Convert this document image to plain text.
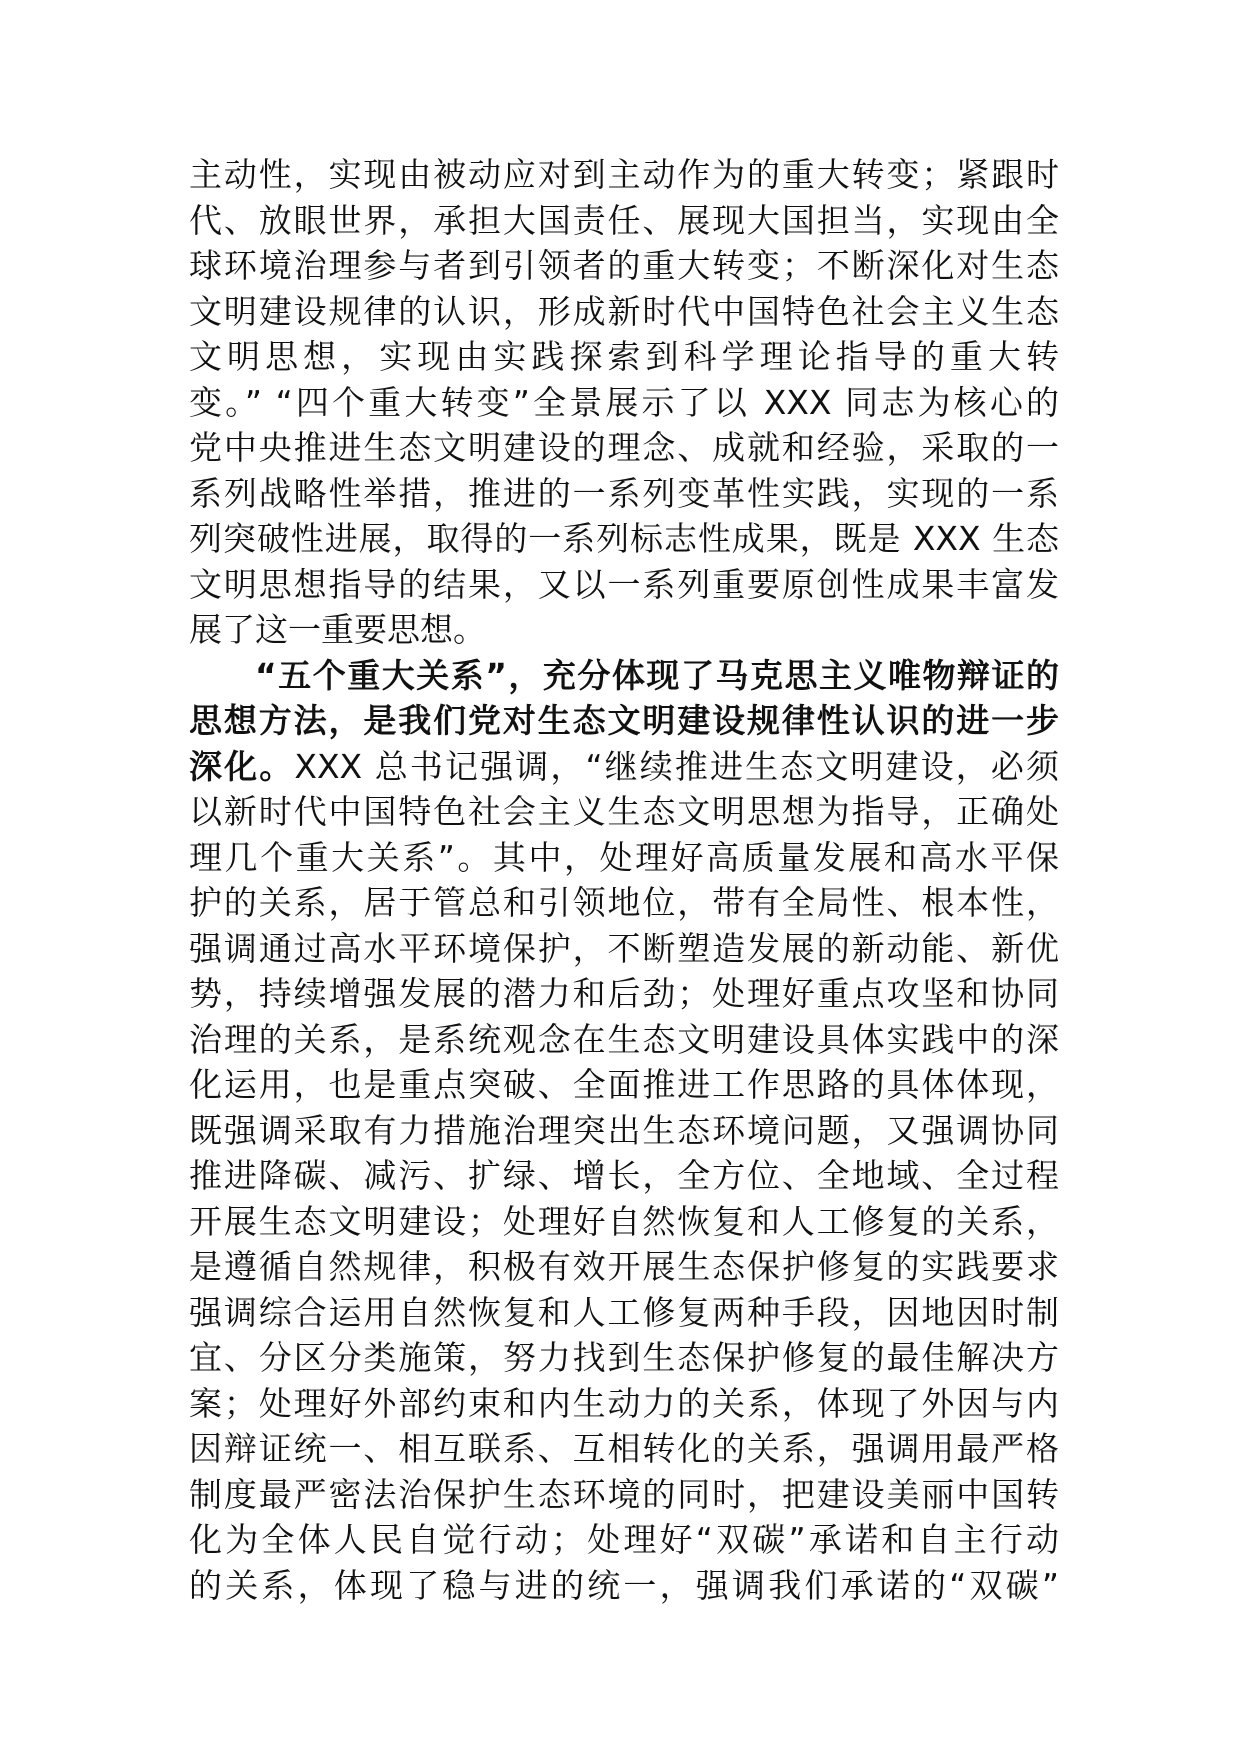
主动性，实现由被动应对到主动作为的重大转变；紧跟时
代、放眼世界，承担大国责任、展现大国担当，实现由全
球环境治理参与者到引领者的重大转变；不断深化对生态
文明建设规律的认识，形成新时代中国特色社会主义生态
文明思想，实现由实践探索到科学理论指导的重大转
变。” “四个重大转变”全景展示了以 XXX 同志为核心的
党中央推进生态文明建设的理念、成就和经验，采取的一
系列战略性举措，推进的一系列变革性实践，实现的一系
列突破性进展，取得的一系列标志性成果，既是 XXX 生态
文明思想指导的结果，又以一系列重要原创性成果丰富发
展了这一重要思想。
“五个重大关系”，充分体现了马克思主义唯物辩证的
思想方法，是我们党对生态文明建设规律性认识的进一步
深化。XXX 总书记强调，“继续推进生态文明建设，必须
以新时代中国特色社会主义生态文明思想为指导，正确处
理几个重大关系”。其中，处理好高质量发展和高水平保
护的关系，居于管总和引领地位，带有全局性、根本性，
强调通过高水平环境保护，不断塑造发展的新动能、新优
势，持续增强发展的潜力和后劲；处理好重点攻坚和协同
治理的关系，是系统观念在生态文明建设具体实践中的深
化运用，也是重点突破、全面推进工作思路的具体体现，
既强调采取有力措施治理突出生态环境问题，又强调协同
推进降碳、减污、扩绿、增长，全方位、全地域、全过程
开展生态文明建设；处理好自然恢复和人工修复的关系，
是遵循自然规律，积极有效开展生态保护修复的实践要求
强调综合运用自然恢复和人工修复两种手段，因地因时制
宜、分区分类施策，努力找到生态保护修复的最佳解决方
案；处理好外部约束和内生动力的关系，体现了外因与内
因辩证统一、相互联系、互相转化的关系，强调用最严格
制度最严密法治保护生态环境的同时，把建设美丽中国转
化为全体人民自觉行动；处理好“双碳”承诺和自主行动
的关系，体现了稳与进的统一，强调我们承诺的“双碳”
